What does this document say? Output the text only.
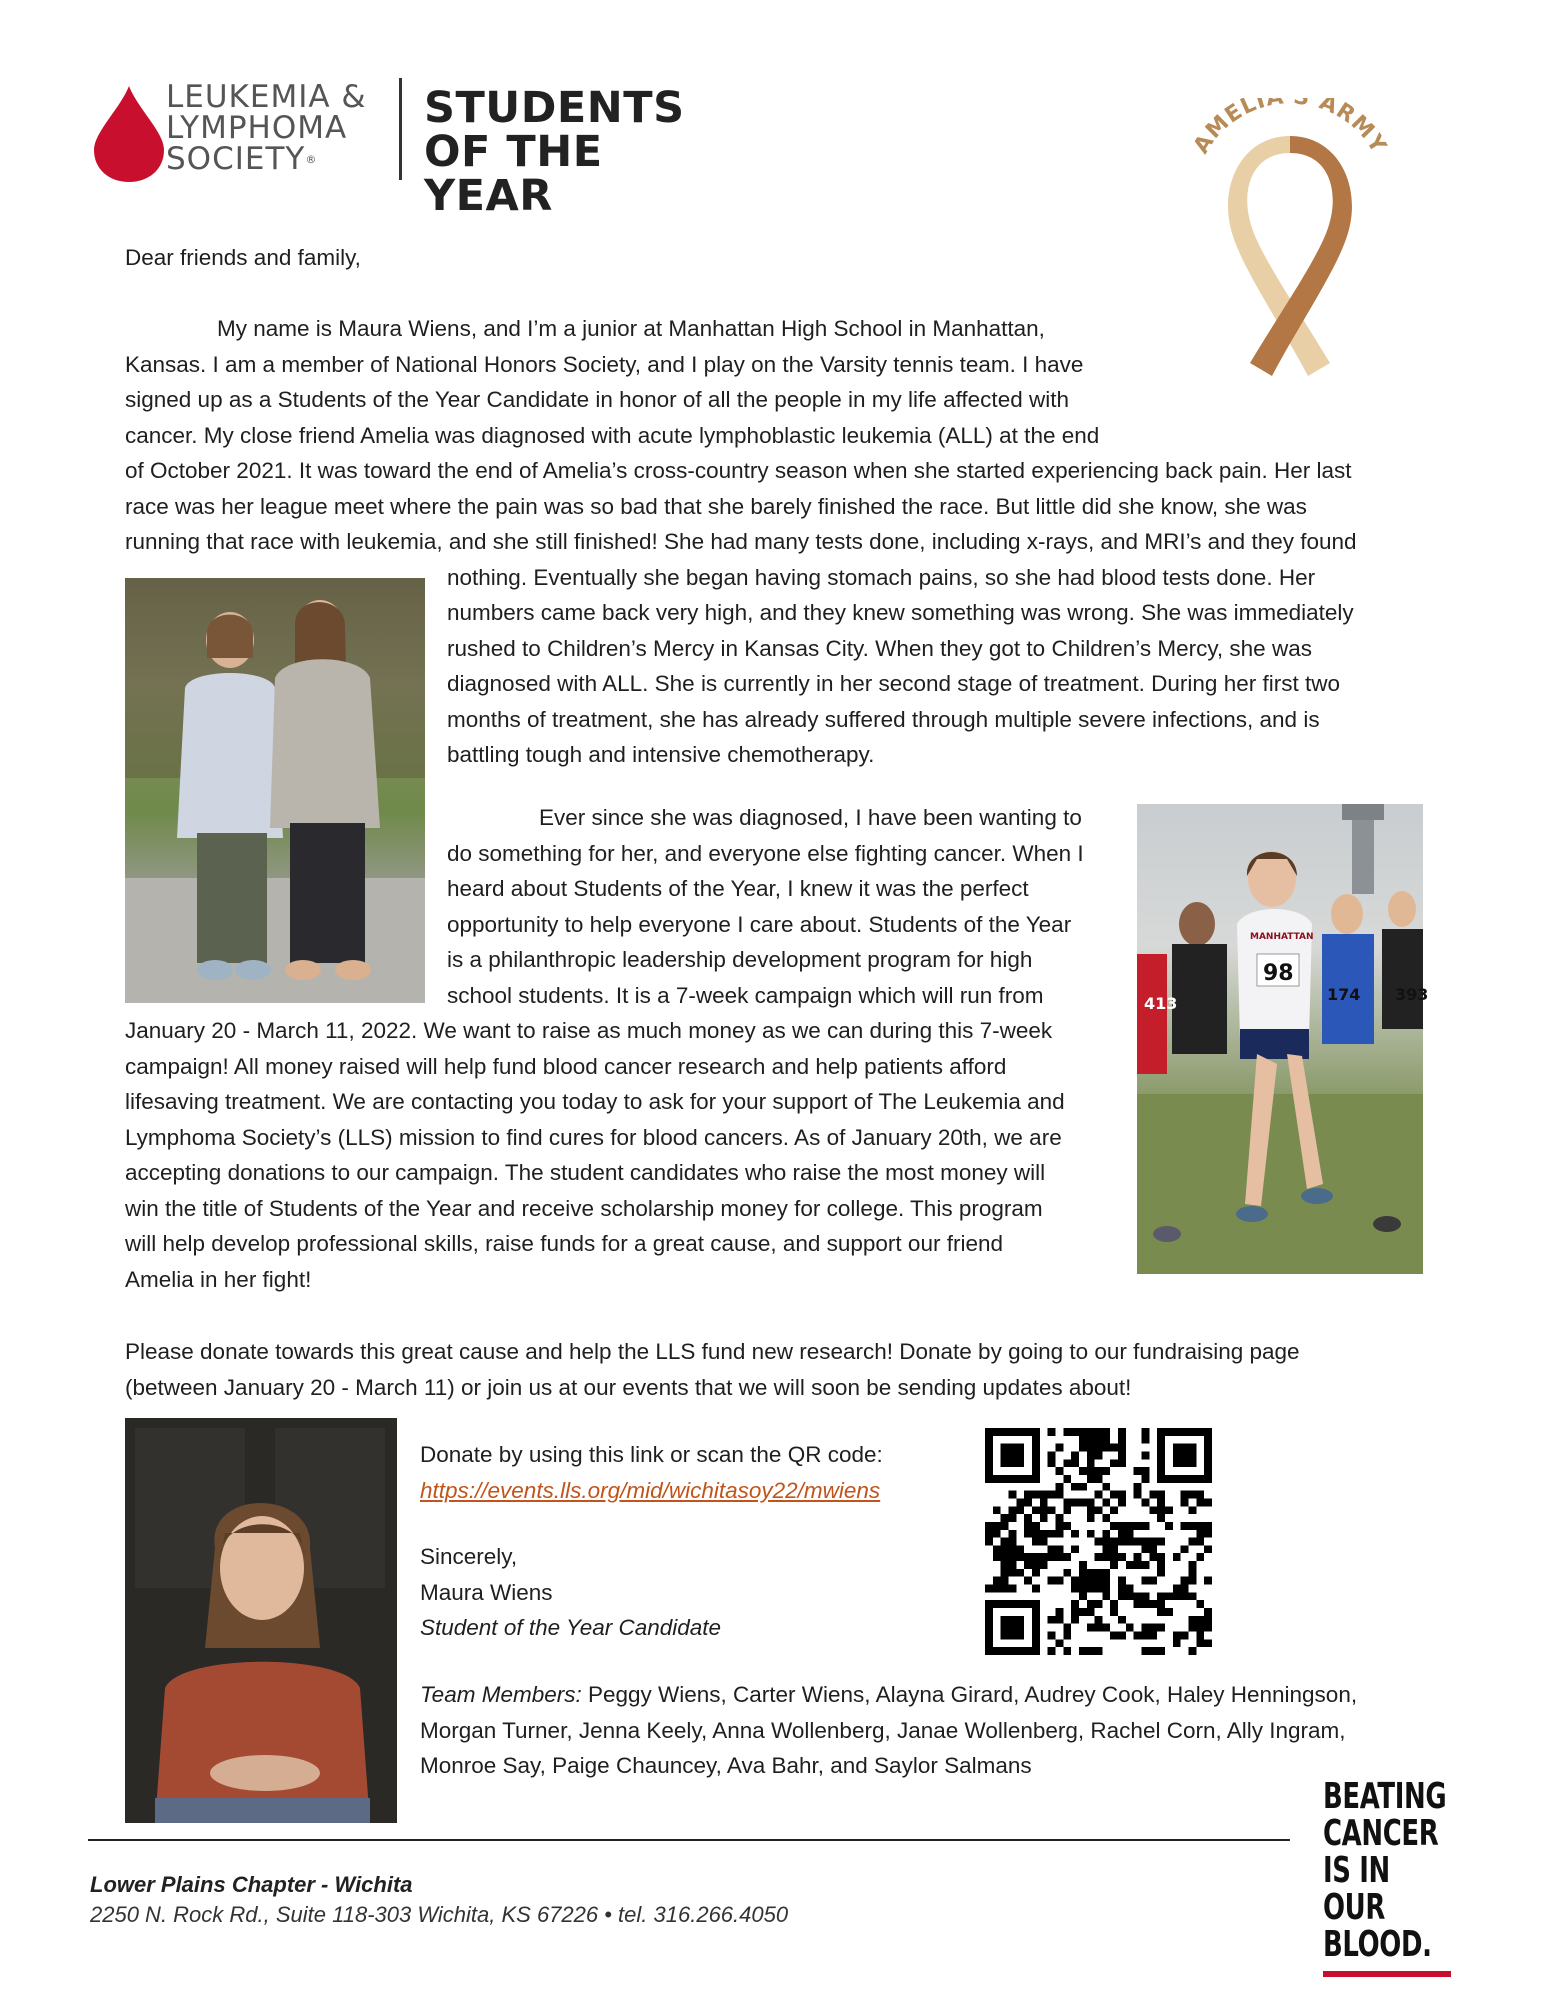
LEUKEMIA &
LYMPHOMA
SOCIETY®
STUDENTS
OF THE YEAR
AMELIA ARMY
Dear friends and family,
My name is Maura Wiens, and I’m a junior at Manhattan High School in Manhattan,
Kansas. I am a member of National Honors Society, and I play on the Varsity tennis team. I have
signed up as a Students of the Year Candidate in honor of all the people in my life affected with
cancer. My close friend Amelia was diagnosed with acute lymphoblastic leukemia (ALL) at the end
of October 2021. It was toward the end of Amelia’s cross-country season when she started experiencing back pain. Her last
race was her league meet where the pain was so bad that she barely finished the race. But little did she know, she was
running that race with leukemia, and she still finished! She had many tests done, including x-rays, and MRI’s and they found
nothing. Eventually she began having stomach pains, so she had blood tests done. Her
numbers came back very high, and they knew something was wrong. She was immediately
rushed to Children’s Mercy in Kansas City. When they got to Children’s Mercy, she was
diagnosed with ALL. She is currently in her second stage of treatment. During her first two
months of treatment, she has already suffered through multiple severe infections, and is
battling tough and intensive chemotherapy.
Ever since she was diagnosed, I have been wanting to
do something for her, and everyone else fighting cancer. When I
heard about Students of the Year, I knew it was the perfect
opportunity to help everyone I care about. Students of the Year
is a philanthropic leadership development program for high
school students. It is a 7-week campaign which will run from
January 20 - March 11, 2022. We want to raise as much money as we can during this 7-week
campaign! All money raised will help fund blood cancer research and help patients afford
lifesaving treatment. We are contacting you today to ask for your support of The Leukemia and
Lymphoma Society’s (LLS) mission to find cures for blood cancers. As of January 20th, we are
accepting donations to our campaign. The student candidates who raise the most money will
win the title of Students of the Year and receive scholarship money for college. This program
will help develop professional skills, raise funds for a great cause, and support our friend
Amelia in her fight!
413
98
174 393
MANHATTAN
Please donate towards this great cause and help the LLS fund new research! Donate by going to our fundraising page
(between January 20 - March 11) or join us at our events that we will soon be sending updates about!
Donate by using this link or scan the QR code:
https://events.lls.org/mid/wichitasoy22/mwiens
Sincerely,
Maura Wiens
Student of the Year Candidate
Team Members: Peggy Wiens, Carter Wiens, Alayna Girard, Audrey Cook, Haley Henningson,
Morgan Turner, Jenna Keely, Anna Wollenberg, Janae Wollenberg, Rachel Corn, Ally Ingram,
Monroe Say, Paige Chauncey, Ava Bahr, and Saylor Salmans
Lower Plains Chapter - Wichita
2250 N. Rock Rd., Suite 118-303 Wichita, KS 67226 • tel. 316.266.4050
BEATING
CANCER
IS IN
OUR BLOOD.
